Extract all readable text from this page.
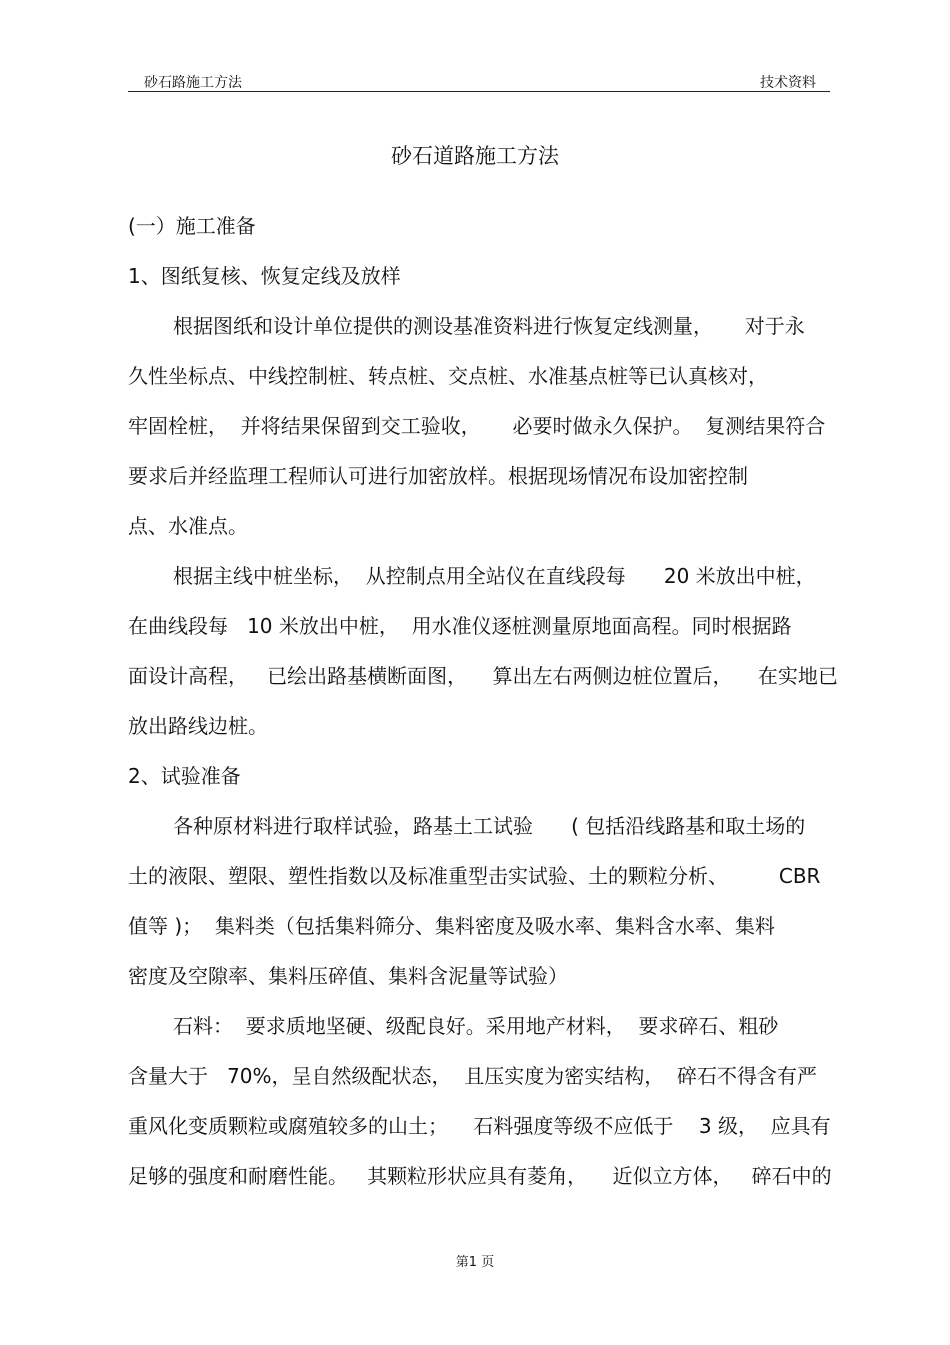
砂石路施工方法	技术资料
砂石道路施工方法
(一）施工准备
1、图纸复核、恢复定线及放样
根据图纸和设计单位提供的测设基准资料进行恢复定线测量，     对于永
久性坐标点、中线控制桩、转点桩、交点桩、水准基点桩等已认真核对，
牢固栓桩，  并将结果保留到交工验收，     必要时做永久保护。  复测结果符合
要求后并经监理工程师认可进行加密放样。根据现场情况布设加密控制
点、水准点。
根据主线中桩坐标，  从控制点用全站仪在直线段每      20 米放出中桩，
在曲线段每   10 米放出中桩，  用水准仪逐桩测量原地面高程。同时根据路
面设计高程，   已绘出路基横断面图，    算出左右两侧边桩位置后，    在实地已
放出路线边桩。
2、试验准备
各种原材料进行取样试验，路基土工试验      ( 包括沿线路基和取土场的
土的液限、塑限、塑性指数以及标准重型击实试验、土的颗粒分析、        CBR
值等 )；  集料类（包括集料筛分、集料密度及吸水率、集料含水率、集料
密度及空隙率、集料压碎值、集料含泥量等试验）
石料：  要求质地坚硬、级配良好。采用地产材料，  要求碎石、粗砂
含量大于   70%，呈自然级配状态，  且压实度为密实结构，  碎石不得含有严
重风化变质颗粒或腐殖较多的山土；    石料强度等级不应低于    3 级，  应具有
足够的强度和耐磨性能。   其颗粒形状应具有菱角，    近似立方体，   碎石中的
第1 页
